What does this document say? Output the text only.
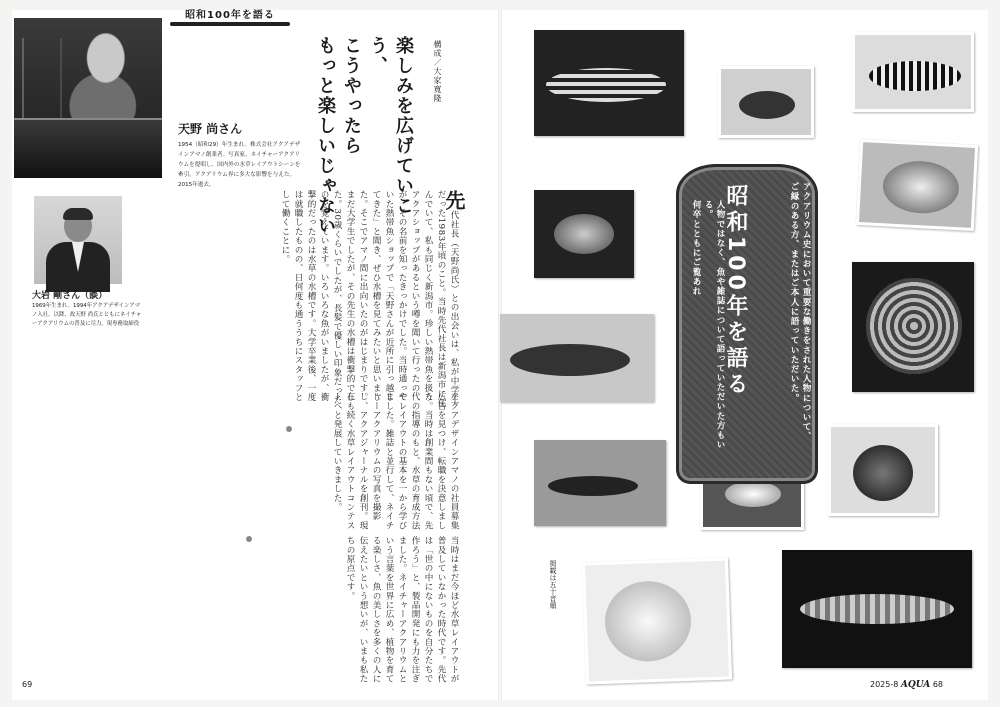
昭和100年を語る
構成／大家寛隆
楽しみを広げていこう、
こうやったら
もっと楽しいじゃない
天野 尚さん
1954（昭和29）年生まれ。株式会社アクアデザインアマノ創業者。写真家。ネイチャーアクアリウムを提唱し、国内外の水草レイアウトシーンを牽引。アクアリウム界に多大な影響を与えた。2015年逝去。
大岩 剛さん（談）
1969年生まれ。1994年アクアデザインアマノ入社。以降、故天野 尚氏とともにネイチャーアクアリウムの普及に尽力。現専務取締役
先代社長（天野尚氏）との出会いは、私が中学生だった1983年頃のこと。当時先代社長は新潟市に住んでいて、私も同じく新潟市。珍しい熱帯魚を扱うアクアショップがあるという噂を聞いて行ったのが、その名前を知ったきっかけでした。当時通っていた熱帯魚ショップで「天野さんが近所に引っ越してきた」と聞き、ぜひ水槽を見てみたいと思いました。そこでアマノ間に出向いたのがはじまりです。まだ大学生でしたが、その先生の水槽は衝撃的でした。30歳くらいでしたが、長髪で優しい印象だったのを覚えています。いろいろな魚がいましたが、衝撃的だったのは水草の水槽です。大学卒業後、一度は就職したものの、日何度も通ううちにスタッフとして働くことに。
アクアデザインアマノの社員募集広告を見つけ、転職を決意しました。当時は創業間もない頃で、先代の指導のもと、水草の育成方法やレイアウトの基本を一から学びました。雑誌と並行して、ネイチャーアクアリウムの写真を撮影し、アクアジャーナルを創刊。現在も続く水草レイアウトコンテストへと発展していきました。
当時はまだ今ほど水草レイアウトが普及していなかった時代です。先代は「世の中にないものを自分たちで作ろう」と、製品開発にも力を注ぎました。ネイチャーアクアリウムという言葉を世界に広め、植物を育てる楽しさ、魚の美しさを多くの人に伝えたいという想いが、いまも私たちの原点です。
69
アクアリウム史において重要な働きをされた人物について、
ご縁のある方、またはご本人に語っていただいた。
昭和100年を語る
人物ではなく、魚や雑誌について語っていただいた方もいる。
何卒とともにご覧あれ
掲載は五十音順
2025-8 AQUA 68
